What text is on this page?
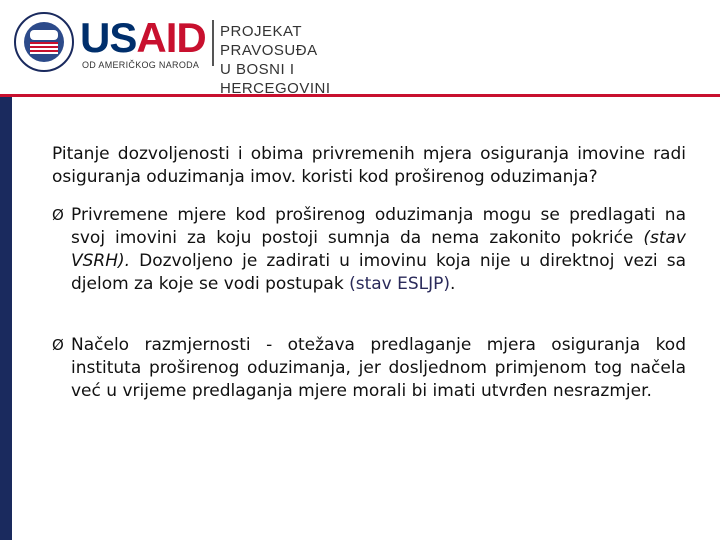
USAID
OD AMERIČKOG NARODA
PROJEKAT PRAVOSUĐA
U BOSNI I HERCEGOVINI

Pitanje dozvoljenosti i obima privremenih mjera osiguranja imovine radi osiguranja oduzimanja imov. koristi kod proširenog oduzimanja?

Ø Privremene mjere kod proširenog oduzimanja mogu se predlagati na svoj imovini za koju postoji sumnja da nema zakonito pokriće (stav VSRH). Dozvoljeno je zadirati u imovinu koja nije u direktnoj vezi sa djelom za koje se vodi postupak (stav ESLJP).
Ø Načelo razmjernosti - otežava predlaganje mjera osiguranja kod instituta proširenog oduzimanja, jer dosljednom primjenom tog načela već u vrijeme predlaganja mjere morali bi imati utvrđen nesrazmjer.
